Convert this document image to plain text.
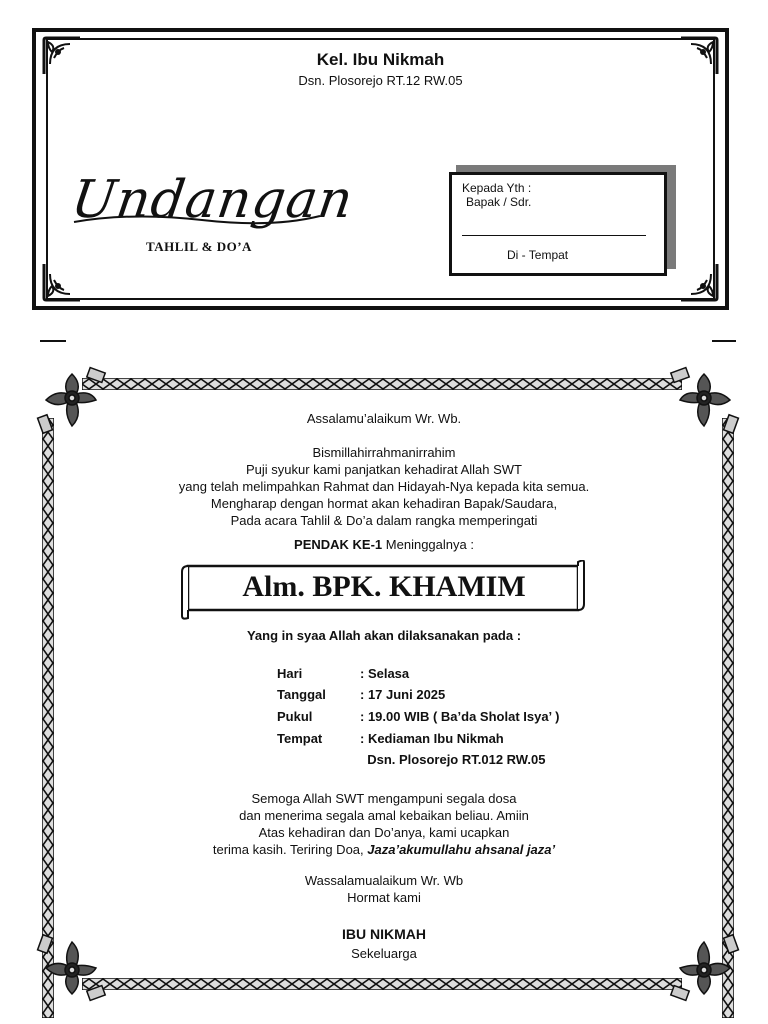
Kel. Ibu Nikmah
Dsn. Plosorejo RT.12 RW.05
Undangan
TAHLIL & DO’A
Kepada Yth :
Bapak / Sdr.
Di - Tempat
Assalamu’alaikum Wr. Wb.
Bismillahirrahmanirrahim
Puji syukur kami panjatkan kehadirat Allah SWT
yang telah melimpahkan Rahmat dan Hidayah-Nya kepada kita semua.
Mengharap dengan hormat akan kehadiran Bapak/Saudara,
Pada acara Tahlil & Do’a dalam rangka memperingati
PENDAK KE-1 Meninggalnya :
Alm. BPK. KHAMIM
Yang in syaa Allah akan dilaksanakan pada :
Hari	: Selasa
Tanggal	: 17 Juni 2025
Pukul	: 19.00 WIB ( Ba’da Sholat Isya’ )
Tempat	: Kediaman Ibu Nikmah
Dsn. Plosorejo RT.012 RW.05
Semoga Allah SWT mengampuni segala dosa
dan menerima segala amal kebaikan beliau. Amiin
Atas kehadiran dan Do’anya, kami ucapkan
terima kasih. Teriring Doa, Jaza’akumullahu ahsanal jaza’
Wassalamualaikum Wr. Wb
Hormat kami
IBU NIKMAH
Sekeluarga
